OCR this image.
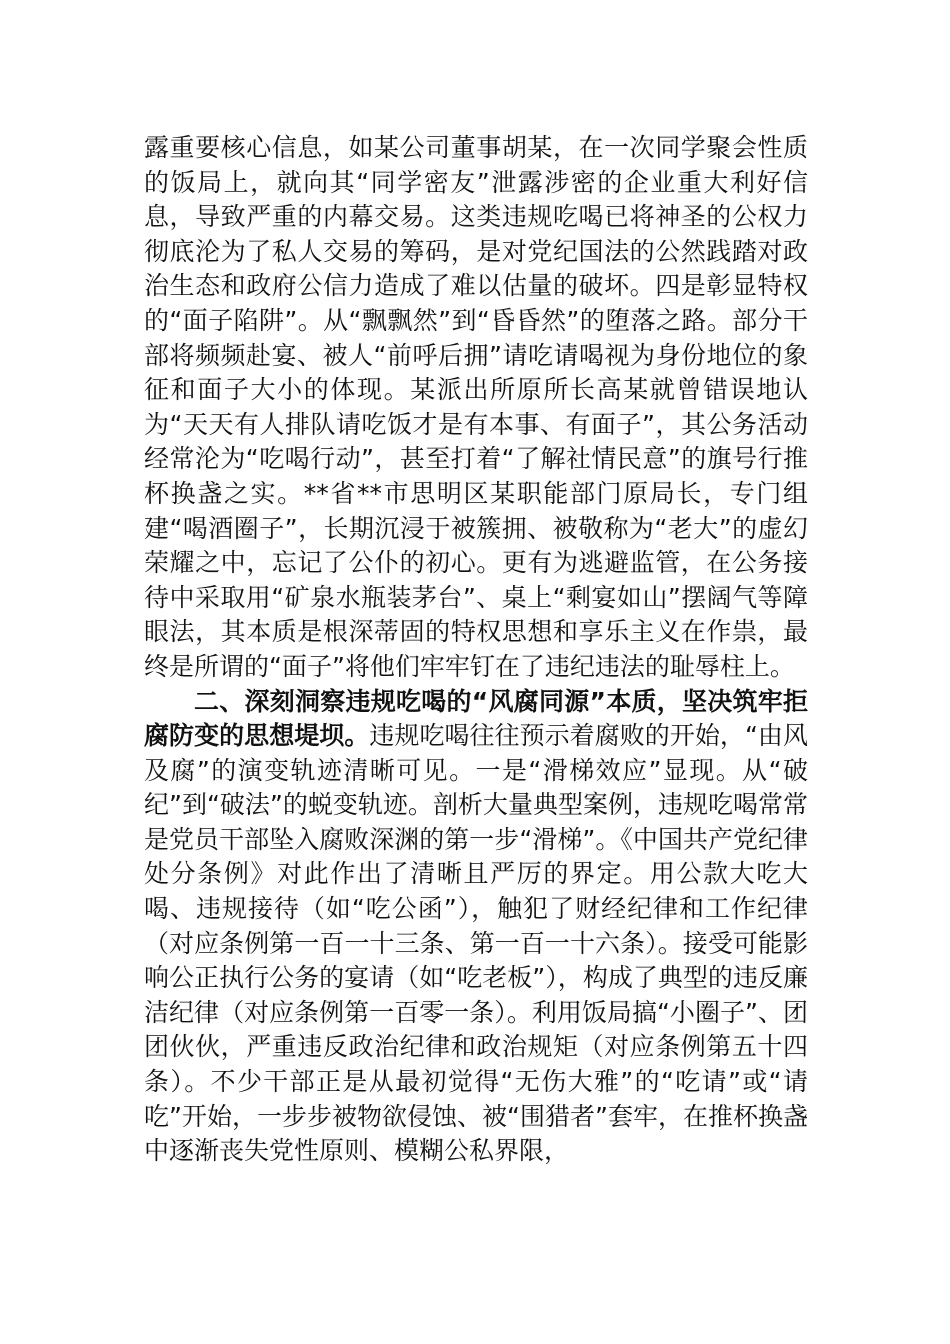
露重要核心信息，如某公司董事胡某，在一次同学聚会性质的饭局上，就向其“同学密友”泄露涉密的企业重大利好信息，导致严重的内幕交易。这类违规吃喝已将神圣的公权力彻底沦为了私人交易的筹码，是对党纪国法的公然践踏对政治生态和政府公信力造成了难以估量的破坏。四是彰显特权的“面子陷阱”。从“飘飘然”到“昏昏然”的堕落之路。部分干部将频频赴宴、被人“前呼后拥”请吃请喝视为身份地位的象征和面子大小的体现。某派出所原所长高某就曾错误地认为“天天有人排队请吃饭才是有本事、有面子”，其公务活动经常沦为“吃喝行动”，甚至打着“了解社情民意”的旗号行推杯换盏之实。**省**市思明区某职能部门原局长，专门组建“喝酒圈子”，长期沉浸于被簇拥、被敬称为“老大”的虚幻荣耀之中，忘记了公仆的初心。更有为逃避监管，在公务接待中采取用“矿泉水瓶装茅台”、桌上“剩宴如山”摆阔气等障眼法，其本质是根深蒂固的特权思想和享乐主义在作祟，最终是所谓的“面子”将他们牢牢钉在了违纪违法的耻辱柱上。

二、深刻洞察违规吃喝的“风腐同源”本质，坚决筑牢拒腐防变的思想堤坝。违规吃喝往往预示着腐败的开始，“由风及腐”的演变轨迹清晰可见。一是“滑梯效应”显现。从“破纪”到“破法”的蜕变轨迹。剖析大量典型案例，违规吃喝常常是党员干部坠入腐败深渊的第一步“滑梯”。《中国共产党纪律处分条例》对此作出了清晰且严厉的界定。用公款大吃大喝、违规接待（如“吃公函”），触犯了财经纪律和工作纪律（对应条例第一百一十三条、第一百一十六条）。接受可能影响公正执行公务的宴请（如“吃老板”），构成了典型的违反廉洁纪律（对应条例第一百零一条）。利用饭局搞“小圈子”、团团伙伙，严重违反政治纪律和政治规矩（对应条例第五十四条）。不少干部正是从最初觉得“无伤大雅”的“吃请”或“请吃”开始，一步步被物欲侵蚀、被“围猎者”套牢，在推杯换盏中逐渐丧失党性原则、模糊公私界限，
